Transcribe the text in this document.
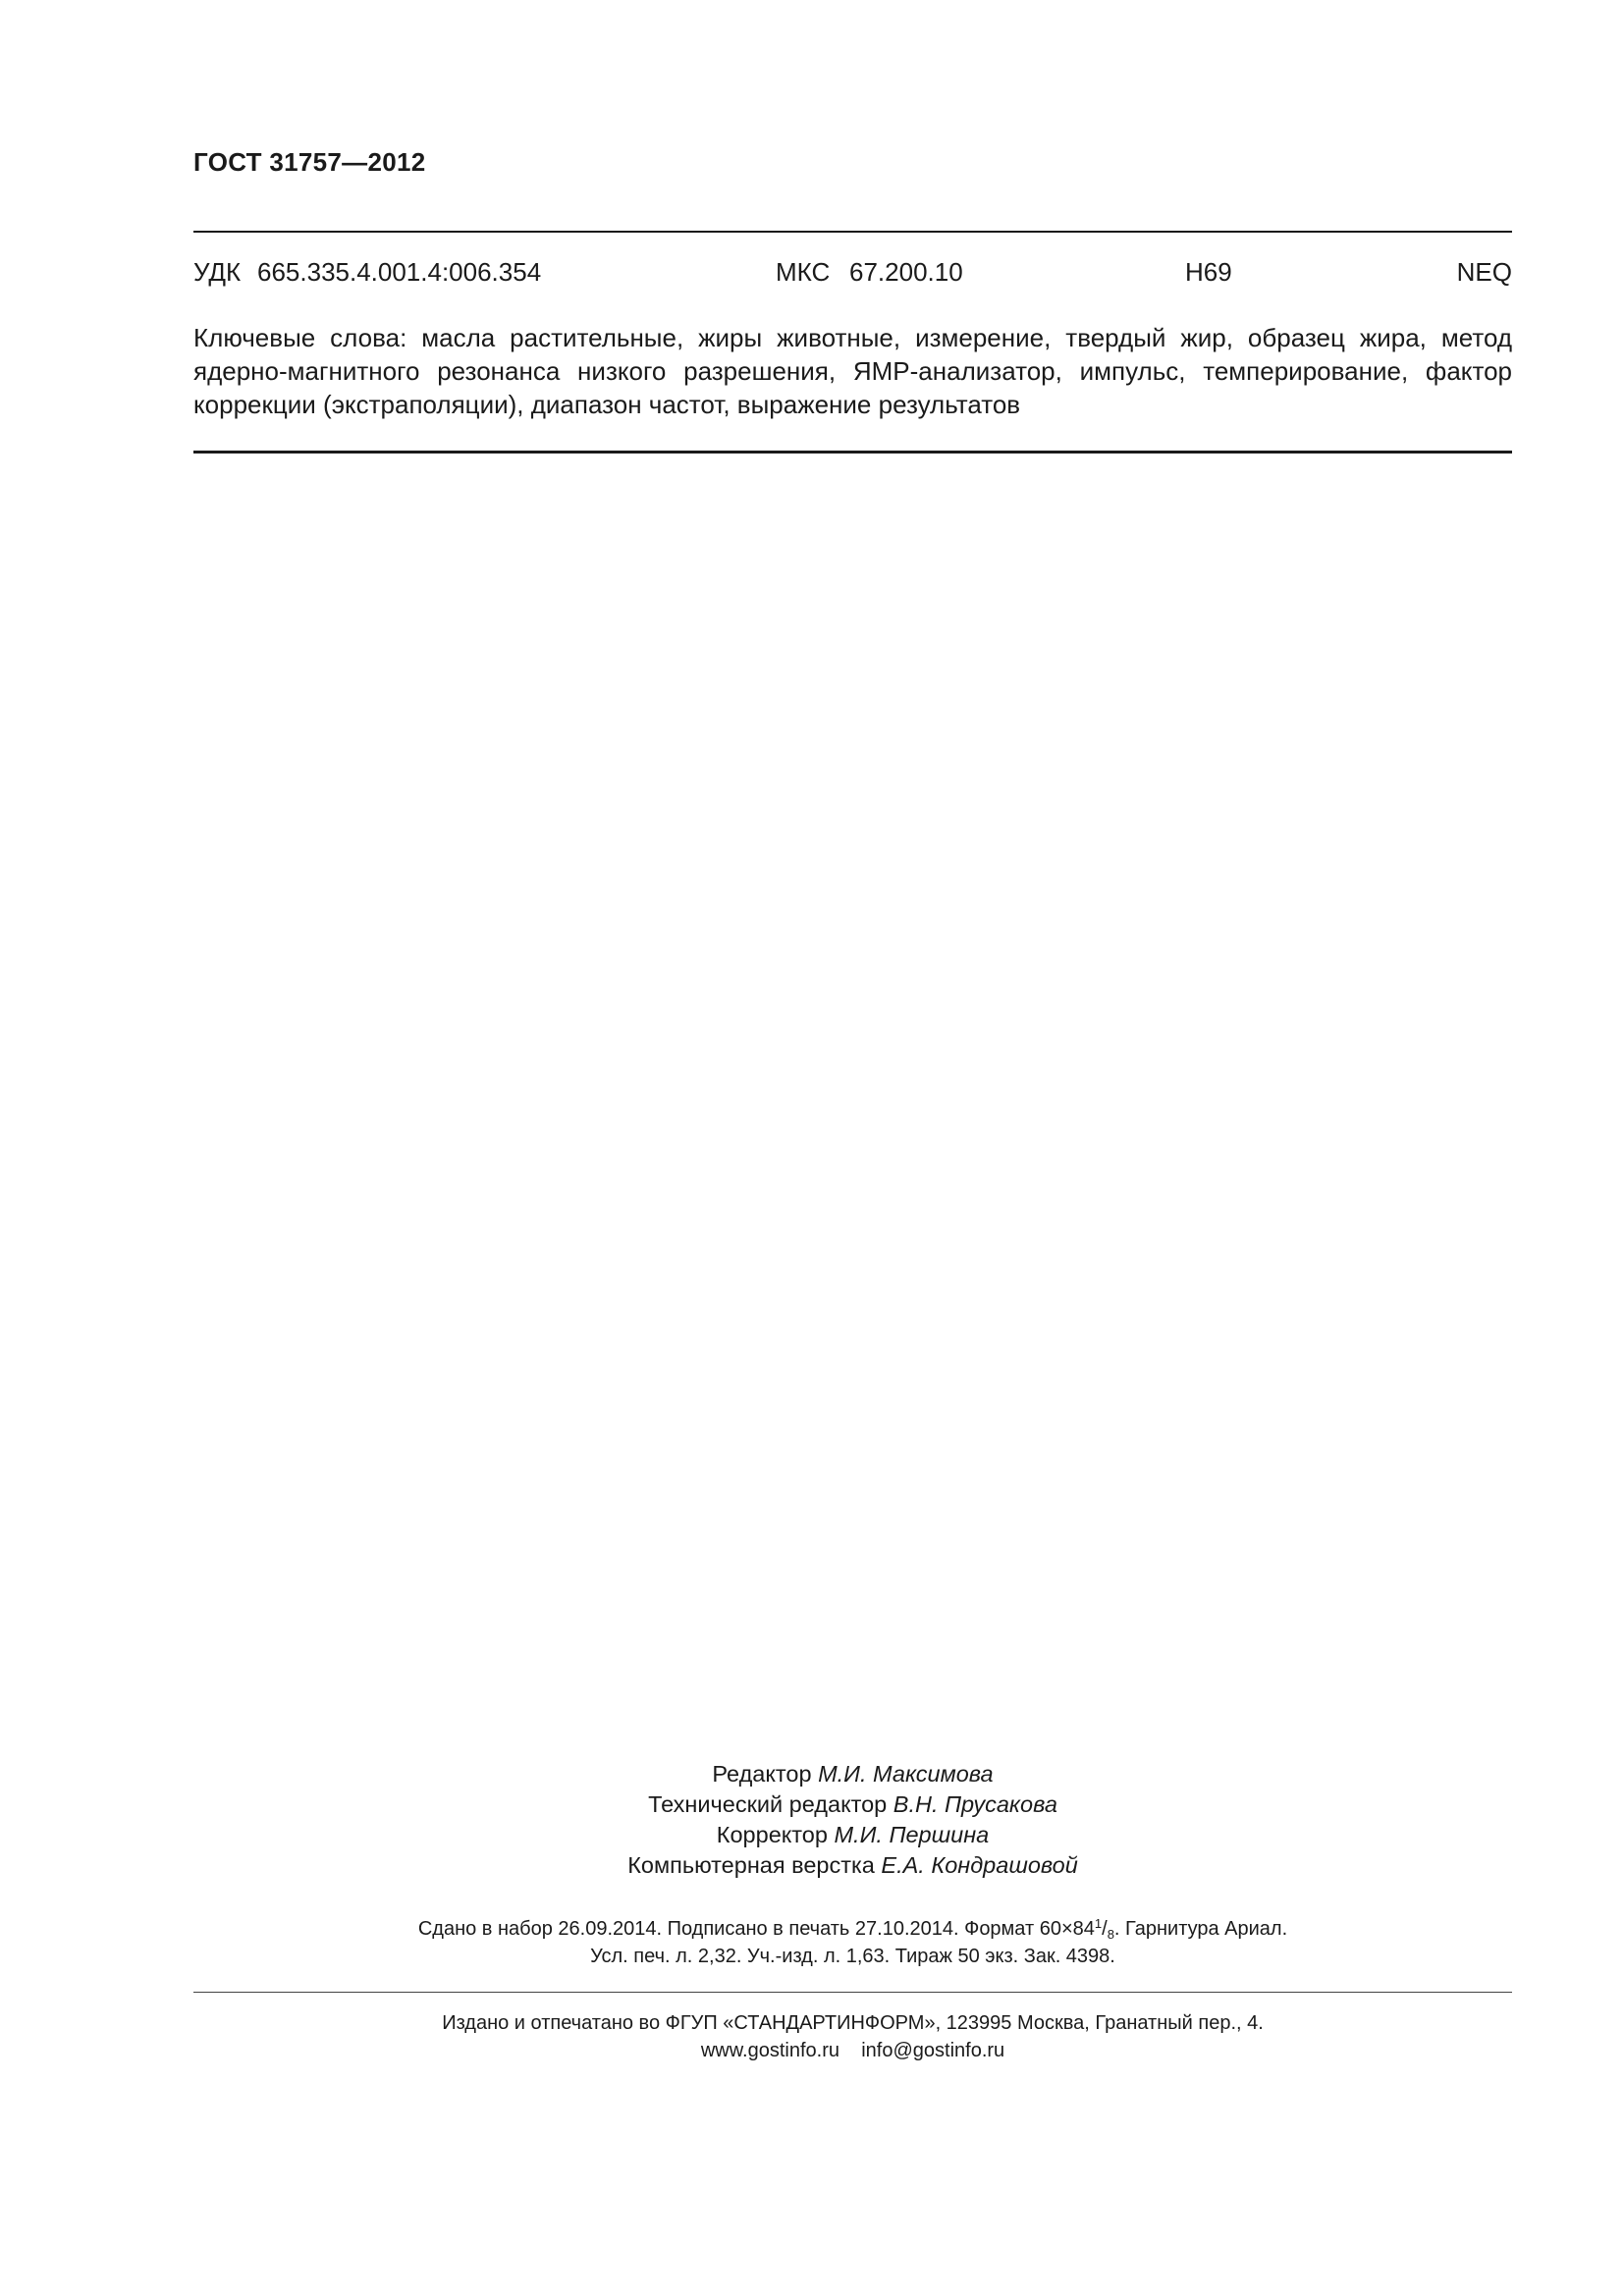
ГОСТ 31757—2012
УДК 665.335.4.001.4:006.354	МКС 67.200.10	Н69	NEQ
Ключевые слова: масла растительные, жиры животные, измерение, твердый жир, образец жира, метод ядерно-магнитного резонанса низкого разрешения, ЯМР-анализатор, импульс, темперирование, фактор коррекции (экстраполяции), диапазон частот, выражение результатов
Редактор М.И. Максимова
Технический редактор В.Н. Прусакова
Корректор М.И. Першина
Компьютерная верстка Е.А. Кондрашовой
Сдано в набор 26.09.2014. Подписано в печать 27.10.2014. Формат $60\times 84^1/_8$. Гарнитура Ариал.
Усл. печ. л. 2,32. Уч.-изд. л. 1,63. Тираж 50 экз. Зак. 4398.
Издано и отпечатано во ФГУП «СТАНДАРТИНФОРМ», 123995 Москва, Гранатный пер., 4.
www.gostinfo.ru    info@gostinfo.ru
